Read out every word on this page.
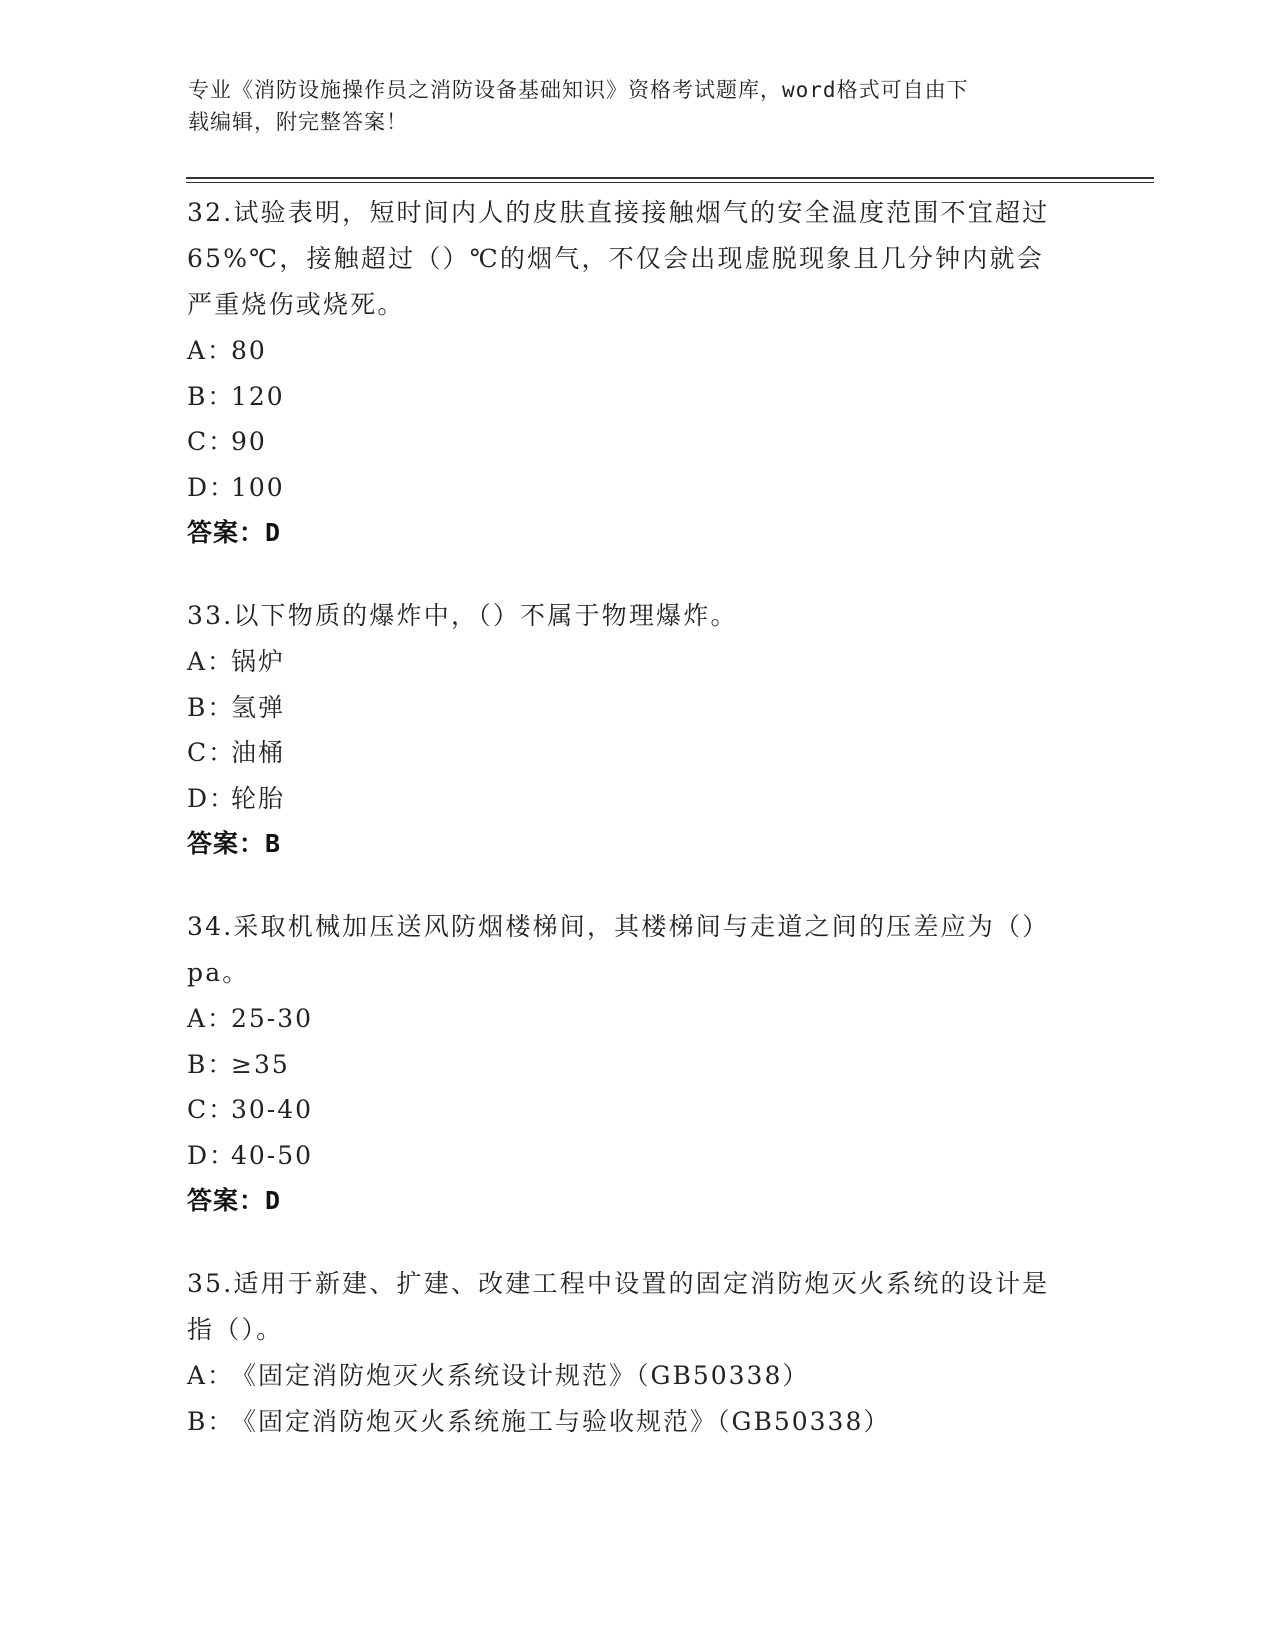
专业《消防设施操作员之消防设备基础知识》资格考试题库，word格式可自由下
载编辑，附完整答案！

32.试验表明，短时间内人的皮肤直接接触烟气的安全温度范围不宜超过65%℃，接触超过（）℃的烟气，不仅会出现虚脱现象且几分钟内就会严重烧伤或烧死。

A：80
B：120
C：90
D：100
答案：D

33.以下物质的爆炸中，（）不属于物理爆炸。

A：锅炉
B：氢弹
C：油桶
D：轮胎
答案：B

34.采取机械加压送风防烟楼梯间，其楼梯间与走道之间的压差应为（）pa。

A：25-30
B：≥35
C：30-40
D：40-50
答案：D

35.适用于新建、扩建、改建工程中设置的固定消防炮灭火系统的设计是指（）。

A：《固定消防炮灭火系统设计规范》（GB50338）
B：《固定消防炮灭火系统施工与验收规范》（GB50338）
